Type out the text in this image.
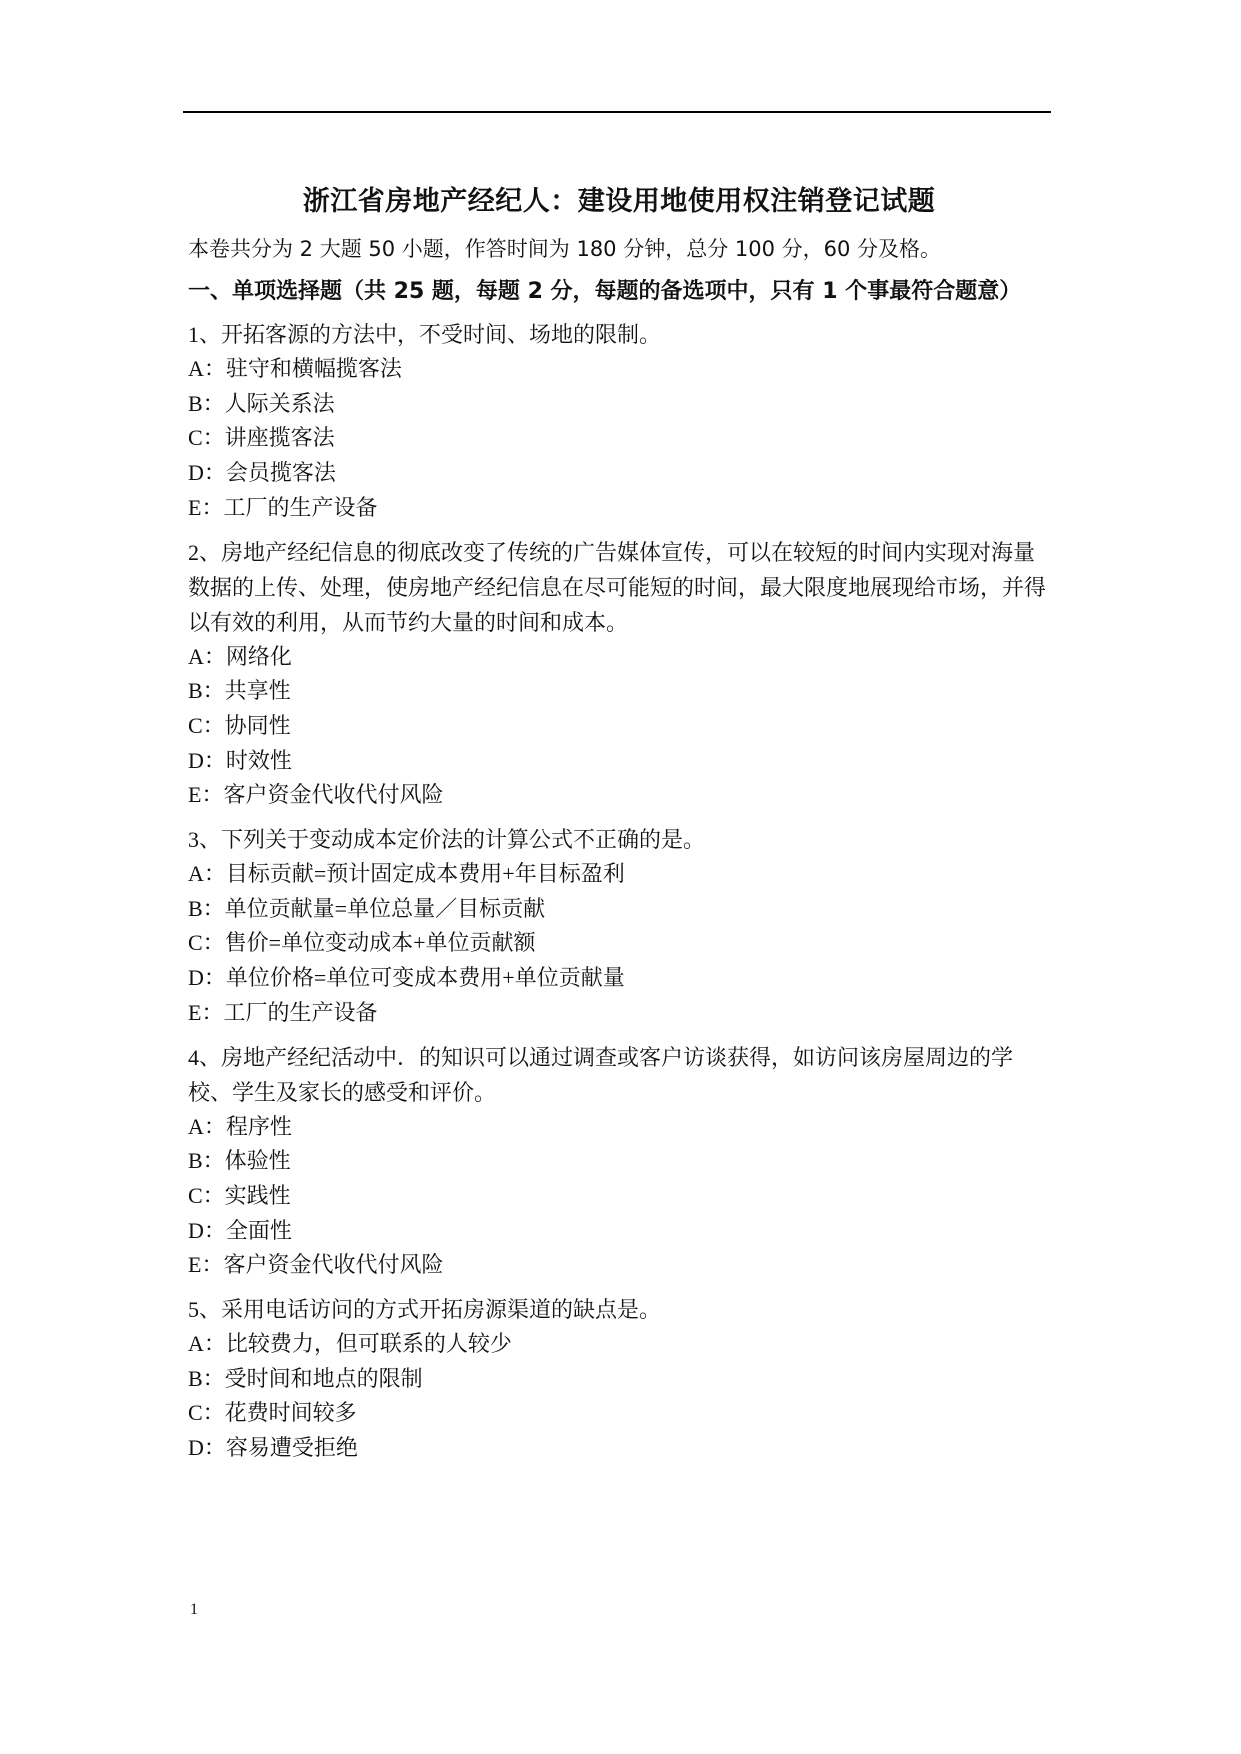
浙江省房地产经纪人：建设用地使用权注销登记试题

本卷共分为 2 大题 50 小题，作答时间为 180 分钟，总分 100 分，60 分及格。

一、单项选择题（共 25 题，每题 2 分，每题的备选项中，只有 1 个事最符合题意）

1、开拓客源的方法中，不受时间、场地的限制。

A：驻守和横幅揽客法

B：人际关系法

C：讲座揽客法

D：会员揽客法

E：工厂的生产设备

2、房地产经纪信息的彻底改变了传统的广告媒体宣传，可以在较短的时间内实现对海量数据的上传、处理，使房地产经纪信息在尽可能短的时间，最大限度地展现给市场，并得以有效的利用，从而节约大量的时间和成本。

A：网络化

B：共享性

C：协同性

D：时效性

E：客户资金代收代付风险

3、下列关于变动成本定价法的计算公式不正确的是。

A：目标贡献=预计固定成本费用+年目标盈利

B：单位贡献量=单位总量／目标贡献

C：售价=单位变动成本+单位贡献额

D：单位价格=单位可变成本费用+单位贡献量

E：工厂的生产设备

4、房地产经纪活动中．的知识可以通过调查或客户访谈获得，如访问该房屋周边的学校、学生及家长的感受和评价。

A：程序性

B：体验性

C：实践性

D：全面性

E：客户资金代收代付风险

5、采用电话访问的方式开拓房源渠道的缺点是。

A：比较费力，但可联系的人较少

B：受时间和地点的限制

C：花费时间较多

D：容易遭受拒绝

1
